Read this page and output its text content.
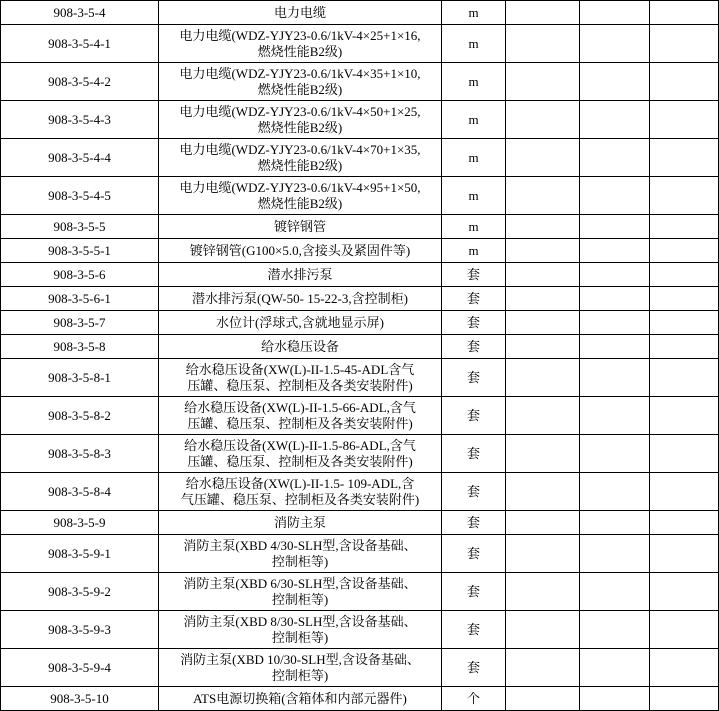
908-3-5-4	电力电缆	m			
908-3-5-4-1	电力电缆(WDZ-YJY23-0.6/1kV-4×25+1×16,
燃烧性能B2级)	m			
908-3-5-4-2	电力电缆(WDZ-YJY23-0.6/1kV-4×35+1×10,
燃烧性能B2级)	m			
908-3-5-4-3	电力电缆(WDZ-YJY23-0.6/1kV-4×50+1×25,
燃烧性能B2级)	m			
908-3-5-4-4	电力电缆(WDZ-YJY23-0.6/1kV-4×70+1×35,
燃烧性能B2级)	m			
908-3-5-4-5	电力电缆(WDZ-YJY23-0.6/1kV-4×95+1×50,
燃烧性能B2级)	m			
908-3-5-5	镀锌钢管	m			
908-3-5-5-1	镀锌钢管(G100×5.0,含接头及紧固件等)	m			
908-3-5-6	潜水排污泵	套			
908-3-5-6-1	潜水排污泵(QW-50- 15-22-3,含控制柜)	套			
908-3-5-7	水位计(浮球式,含就地显示屏)	套			
908-3-5-8	给水稳压设备	套			
908-3-5-8-1	给水稳压设备(XW(L)-II-1.5-45-ADL含气
压罐、稳压泵、控制柜及各类安装附件)	套			
908-3-5-8-2	给水稳压设备(XW(L)-II-1.5-66-ADL,含气
压罐、稳压泵、控制柜及各类安装附件)	套			
908-3-5-8-3	给水稳压设备(XW(L)-II-1.5-86-ADL,含气
压罐、稳压泵、控制柜及各类安装附件)	套			
908-3-5-8-4	给水稳压设备(XW(L)-II-1.5- 109-ADL,含
气压罐、稳压泵、控制柜及各类安装附件)	套			
908-3-5-9	消防主泵	套			
908-3-5-9-1	消防主泵(XBD 4/30-SLH型,含设备基础、
控制柜等)	套			
908-3-5-9-2	消防主泵(XBD 6/30-SLH型,含设备基础、
控制柜等)	套			
908-3-5-9-3	消防主泵(XBD 8/30-SLH型,含设备基础、
控制柜等)	套			
908-3-5-9-4	消防主泵(XBD 10/30-SLH型,含设备基础、
控制柜等)	套			
908-3-5-10	ATS电源切换箱(含箱体和内部元器件)	个			
